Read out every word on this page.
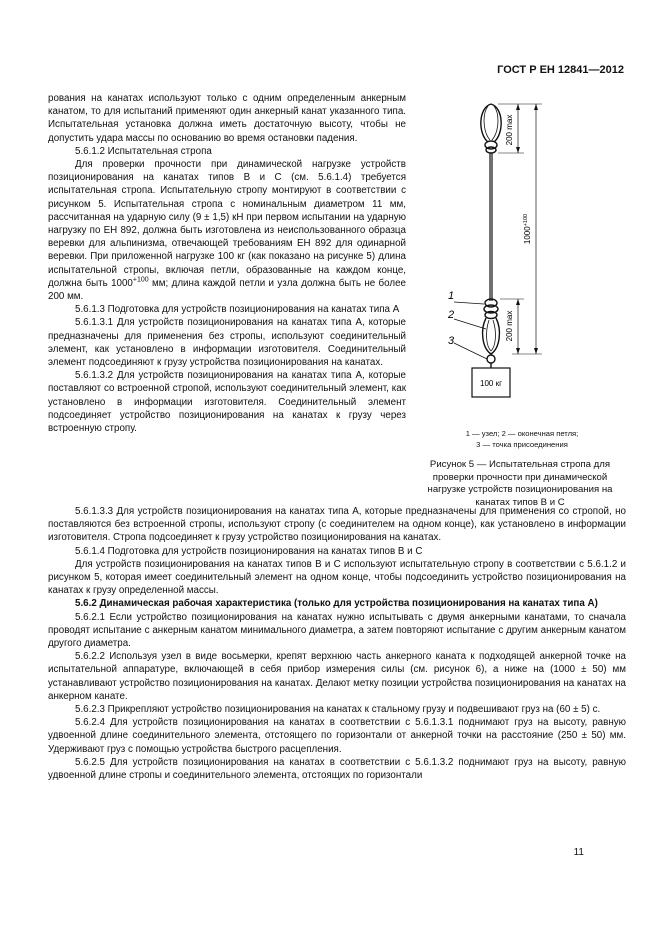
ГОСТ Р ЕН 12841—2012

рования на канатах используют только с одним определенным анкерным канатом, то для испытаний применяют один анкерный канат указанного типа. Испытательная установка должна иметь достаточную высоту, чтобы не допустить удара массы по основанию во время остановки падения.

5.6.1.2 Испытательная стропа

Для проверки прочности при динамической нагрузке устройств позиционирования на канатах типов В и С (см. 5.6.1.4) требуется испытательная стропа. Испытательную стропу монтируют в соответствии с рисунком 5. Испытательная стропа с номинальным диаметром 11 мм, рассчитанная на ударную силу (9 ± 1,5) кН при первом испытании на ударную нагрузку по ЕН 892, должна быть изготовлена из неиспользованного образца веревки для альпинизма, отвечающей требованиям ЕН 892 для одинарной веревки. При приложенной нагрузке 100 кг (как показано на рисунке 5) длина испытательной стропы, включая петли, образованные на каждом конце, должна быть $1000^{+100}$ мм; длина каждой петли и узла должна быть не более 200 мм.

5.6.1.3 Подготовка для устройств позиционирования на канатах типа А

5.6.1.3.1 Для устройств позиционирования на канатах типа А, которые предназначены для применения без стропы, используют соединительный элемент, как установлено в информации изготовителя. Соединительный элемент подсоединяют к грузу устройства позиционирования на канатах.

5.6.1.3.2 Для устройств позиционирования на канатах типа А, которые поставляют со встроенной стропой, используют соединительный элемент, как установлено в информации изготовителя. Соединительный элемент подсоединяет устройство позиционирования на канатах к грузу через встроенную стропу.

200 max
$1000^{+100}$
200 max
1
2
3
100 кг
1 — узел; 2 — оконечная петля;
3 — точка присоединения
Рисунок 5 — Испытательная стропа для проверки прочности при динамической нагрузке устройств позиционирования на канатах типов В и С

5.6.1.3.3 Для устройств позиционирования на канатах типа А, которые предназначены для применения со стропой, но поставляются без встроенной стропы, используют стропу (с соединителем на одном конце), как установлено в информации изготовителя. Стропа подсоединяет к грузу устройство позиционирования на канатах.

5.6.1.4 Подготовка для устройств позиционирования на канатах типов В и С

Для устройств позиционирования на канатах типов В и С используют испытательную стропу в соответствии с 5.6.1.2 и рисунком 5, которая имеет соединительный элемент на одном конце, чтобы подсоединить устройство позиционирования на канатах к грузу определенной массы.

5.6.2 Динамическая рабочая характеристика (только для устройства позиционирования на канатах типа А)

5.6.2.1 Если устройство позиционирования на канатах нужно испытывать с двумя анкерными канатами, то сначала проводят испытание с анкерным канатом минимального диаметра, а затем повторяют испытание с другим анкерным канатом другого диаметра.

5.6.2.2 Используя узел в виде восьмерки, крепят верхнюю часть анкерного каната к подходящей анкерной точке на испытательной аппаратуре, включающей в себя прибор измерения силы (см. рисунок 6), а ниже на (1000 ± 50) мм устанавливают устройство позиционирования на канатах. Делают метку позиции устройства позиционирования на канатах на анкерном канате.

5.6.2.3 Прикрепляют устройство позиционирования на канатах к стальному грузу и подвешивают груз на (60 ± 5) с.

5.6.2.4 Для устройств позиционирования на канатах в соответствии с 5.6.1.3.1 поднимают груз на высоту, равную удвоенной длине соединительного элемента, отстоящего по горизонтали от анкерной точки на расстояние (250 ± 50) мм. Удерживают груз с помощью устройства быстрого расцепления.

5.6.2.5 Для устройств позиционирования на канатах в соответствии с 5.6.1.3.2 поднимают груз на высоту, равную удвоенной длине стропы и соединительного элемента, отстоящих по горизонтали

11
